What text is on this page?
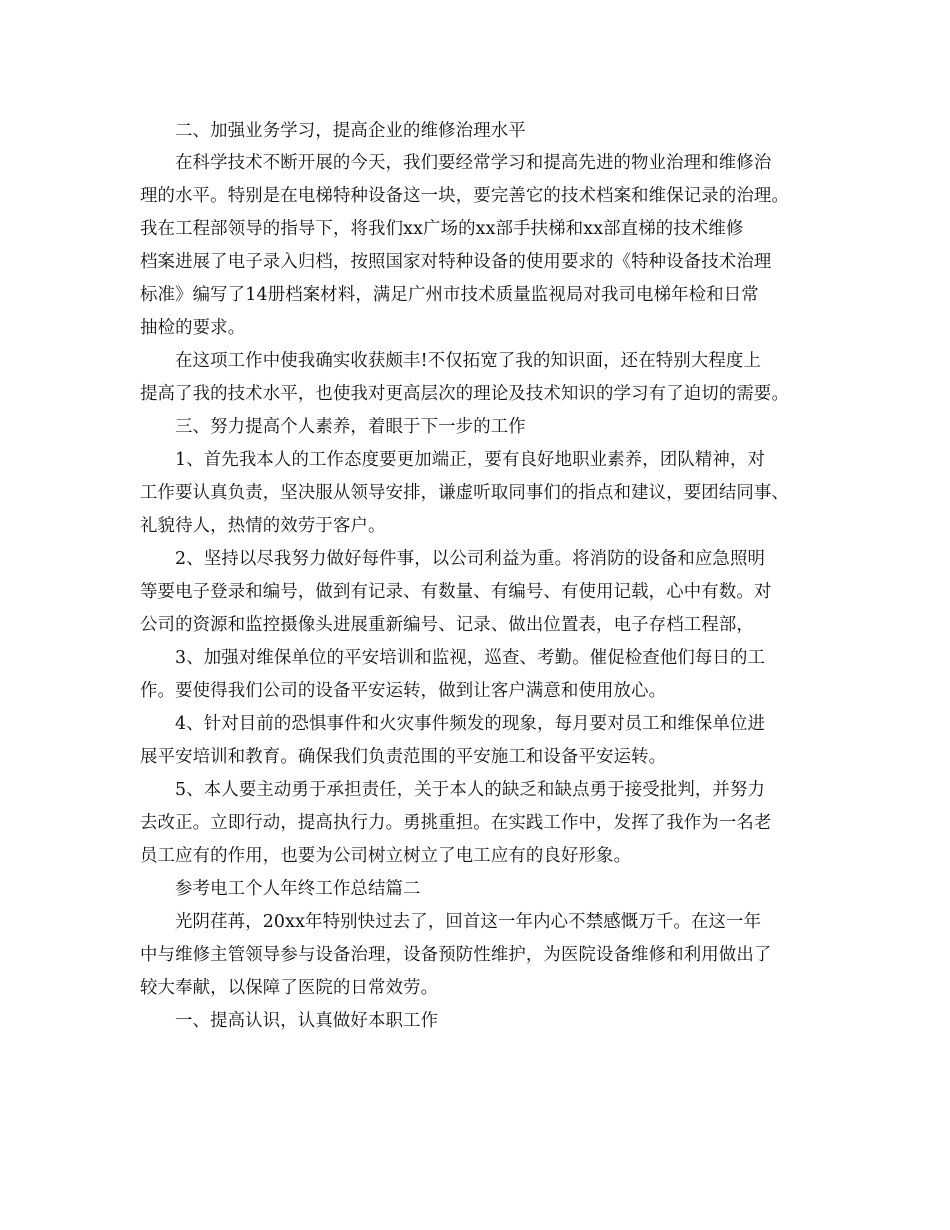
二、加强业务学习，提高企业的维修治理水平
在科学技术不断开展的今天，我们要经常学习和提高先进的物业治理和维修治
理的水平。特别是在电梯特种设备这一块，要完善它的技术档案和维保记录的治理。
我在工程部领导的指导下，将我们xx广场的xx部手扶梯和xx部直梯的技术维修
档案进展了电子录入归档，按照国家对特种设备的使用要求的《特种设备技术治理
标准》编写了14册档案材料，满足广州市技术质量监视局对我司电梯年检和日常
抽检的要求。
在这项工作中使我确实收获颇丰!不仅拓宽了我的知识面，还在特别大程度上
提高了我的技术水平，也使我对更高层次的理论及技术知识的学习有了迫切的需要。
三、努力提高个人素养，着眼于下一步的工作
1、首先我本人的工作态度要更加端正，要有良好地职业素养，团队精神，对
工作要认真负责，坚决服从领导安排，谦虚听取同事们的指点和建议，要团结同事、
礼貌待人，热情的效劳于客户。
2、坚持以尽我努力做好每件事，以公司利益为重。将消防的设备和应急照明
等要电子登录和编号，做到有记录、有数量、有编号、有使用记载，心中有数。对
公司的资源和监控摄像头进展重新编号、记录、做出位置表，电子存档工程部，
3、加强对维保单位的平安培训和监视，巡查、考勤。催促检查他们每日的工
作。要使得我们公司的设备平安运转，做到让客户满意和使用放心。
4、针对目前的恐惧事件和火灾事件频发的现象，每月要对员工和维保单位进
展平安培训和教育。确保我们负责范围的平安施工和设备平安运转。
5、本人要主动勇于承担责任，关于本人的缺乏和缺点勇于接受批判，并努力
去改正。立即行动，提高执行力。勇挑重担。在实践工作中，发挥了我作为一名老
员工应有的作用，也要为公司树立树立了电工应有的良好形象。
参考电工个人年终工作总结篇二
光阴荏苒，20xx年特别快过去了，回首这一年内心不禁感慨万千。在这一年
中与维修主管领导参与设备治理，设备预防性维护，为医院设备维修和利用做出了
较大奉献，以保障了医院的日常效劳。
一、提高认识，认真做好本职工作
